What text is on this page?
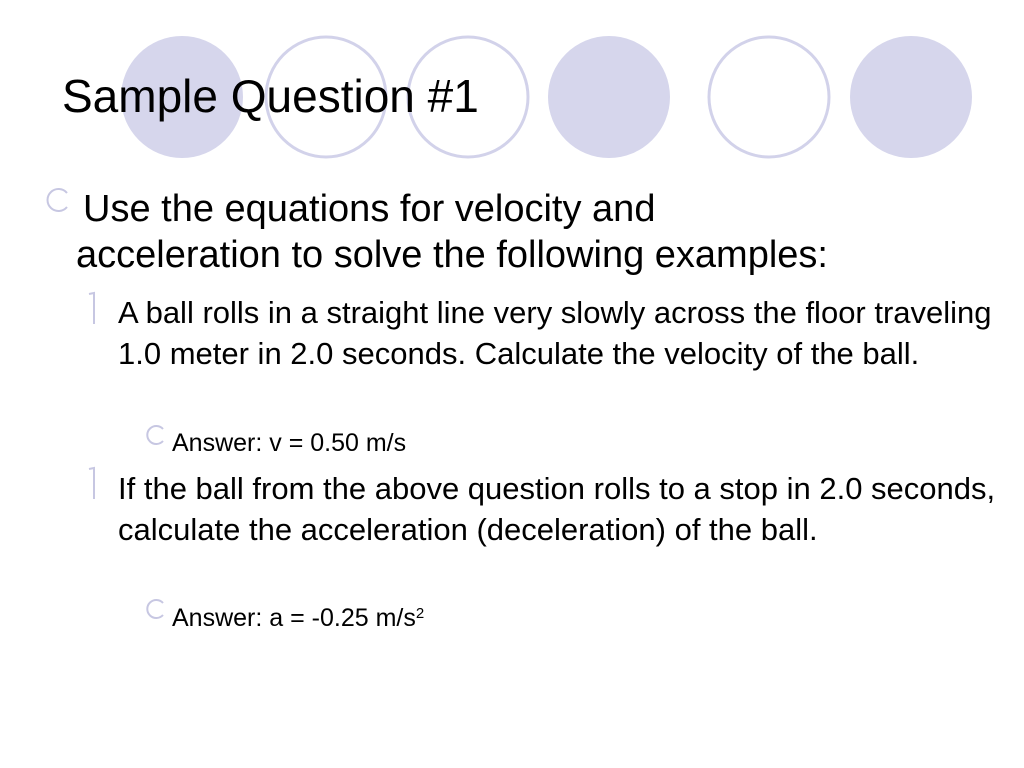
Sample Question #1
Use the equations for velocity and
acceleration to solve the following examples:
A ball rolls in a straight line very slowly across the floor traveling 1.0 meter in 2.0 seconds. Calculate the velocity of the ball.
Answer: v = 0.50 m/s
If the ball from the above question rolls to a stop in 2.0 seconds, calculate the acceleration (deceleration) of the ball.
Answer: a = -0.25 $m/s^2$
